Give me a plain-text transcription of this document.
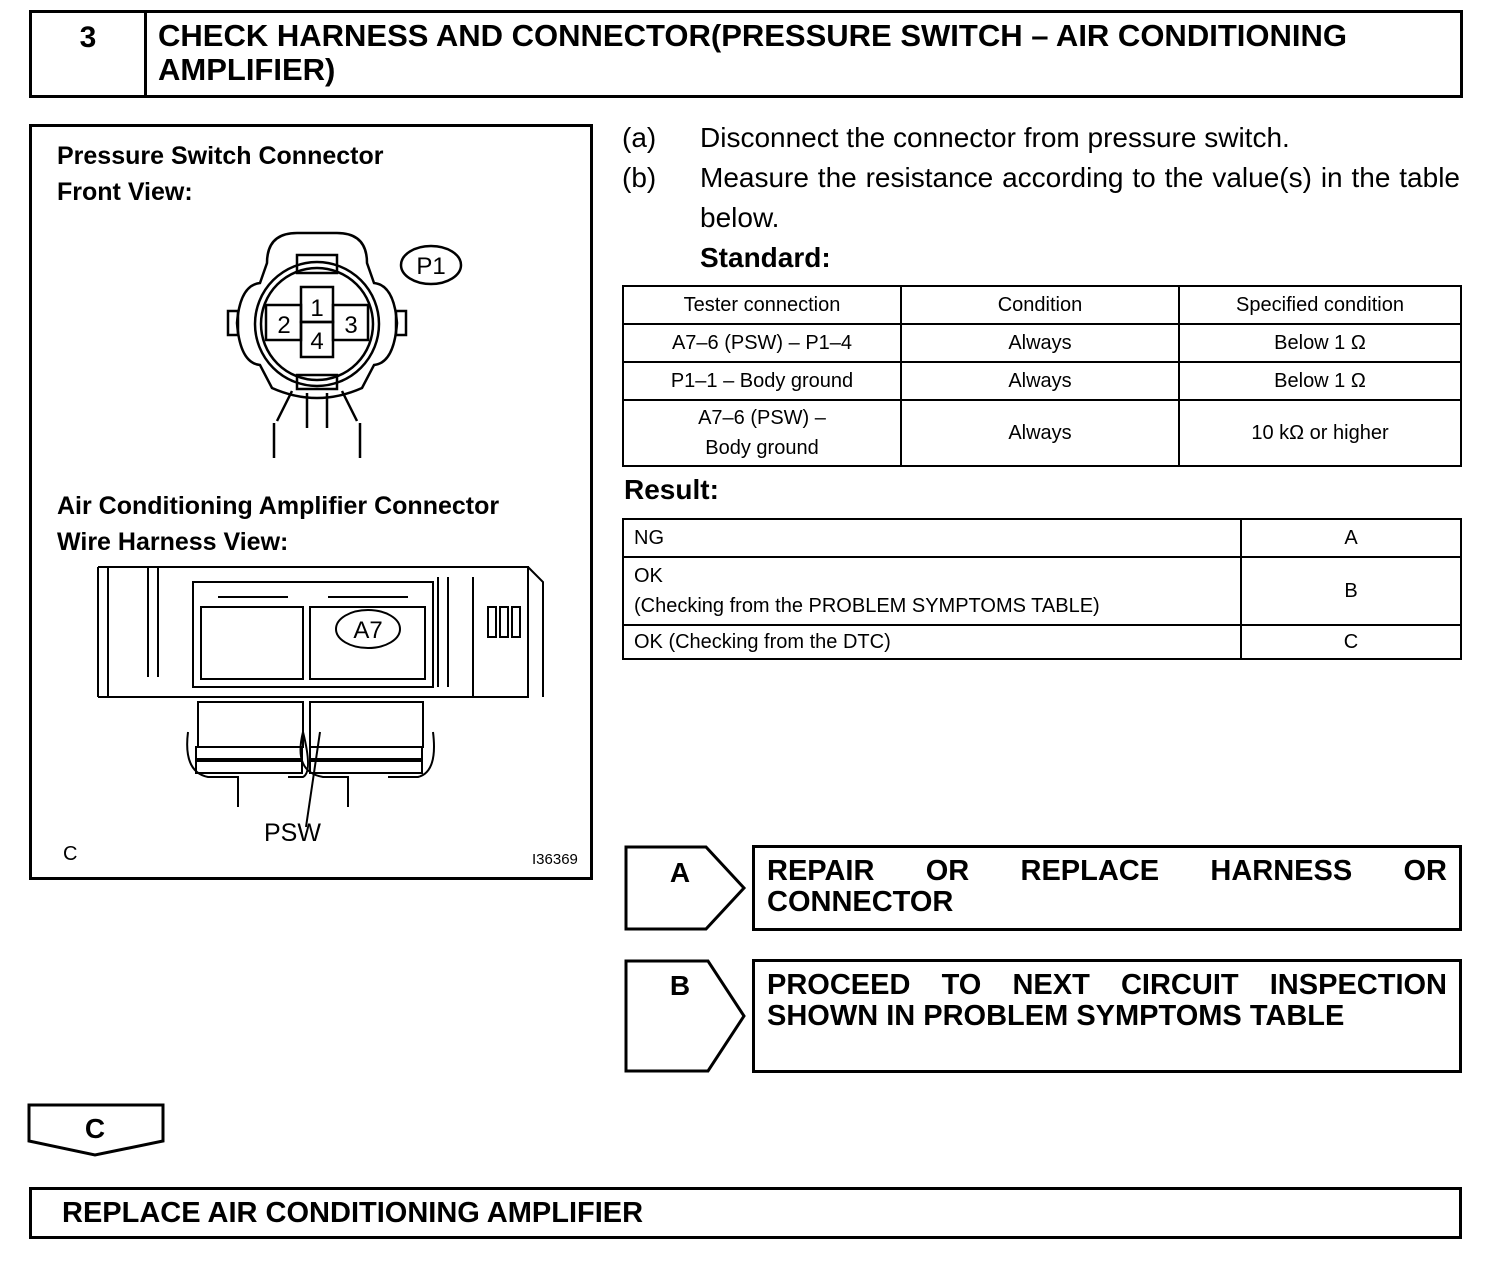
3	CHECK HARNESS AND CONNECTOR(PRESSURE SWITCH – AIR CONDITIONING AMPLIFIER)
Pressure Switch Connector
Front View:
1
2 3
4
P1
Air Conditioning Amplifier Connector
Wire Harness View:
A7
PSW
C	I36369
(a) Disconnect the connector from pressure switch.
(b) Measure the resistance according to the value(s) in the table below.
Standard:
Tester connection	Condition	Specified condition
A7–6 (PSW) – P1–4	Always	Below 1 Ω
P1–1 – Body ground	Always	Below 1 Ω

A7–6 (PSW) –
Body ground	Always	10 kΩ or higher
Result:
NG	A

OK
(Checking from the PROBLEM SYMPTOMS TABLE)	B
OK (Checking from the DTC)	C
A	REPAIR OR REPLACE HARNESS OR CONNECTOR
B	PROCEED TO NEXT CIRCUIT INSPECTION SHOWN IN PROBLEM SYMPTOMS TABLE
C
REPLACE AIR CONDITIONING AMPLIFIER
